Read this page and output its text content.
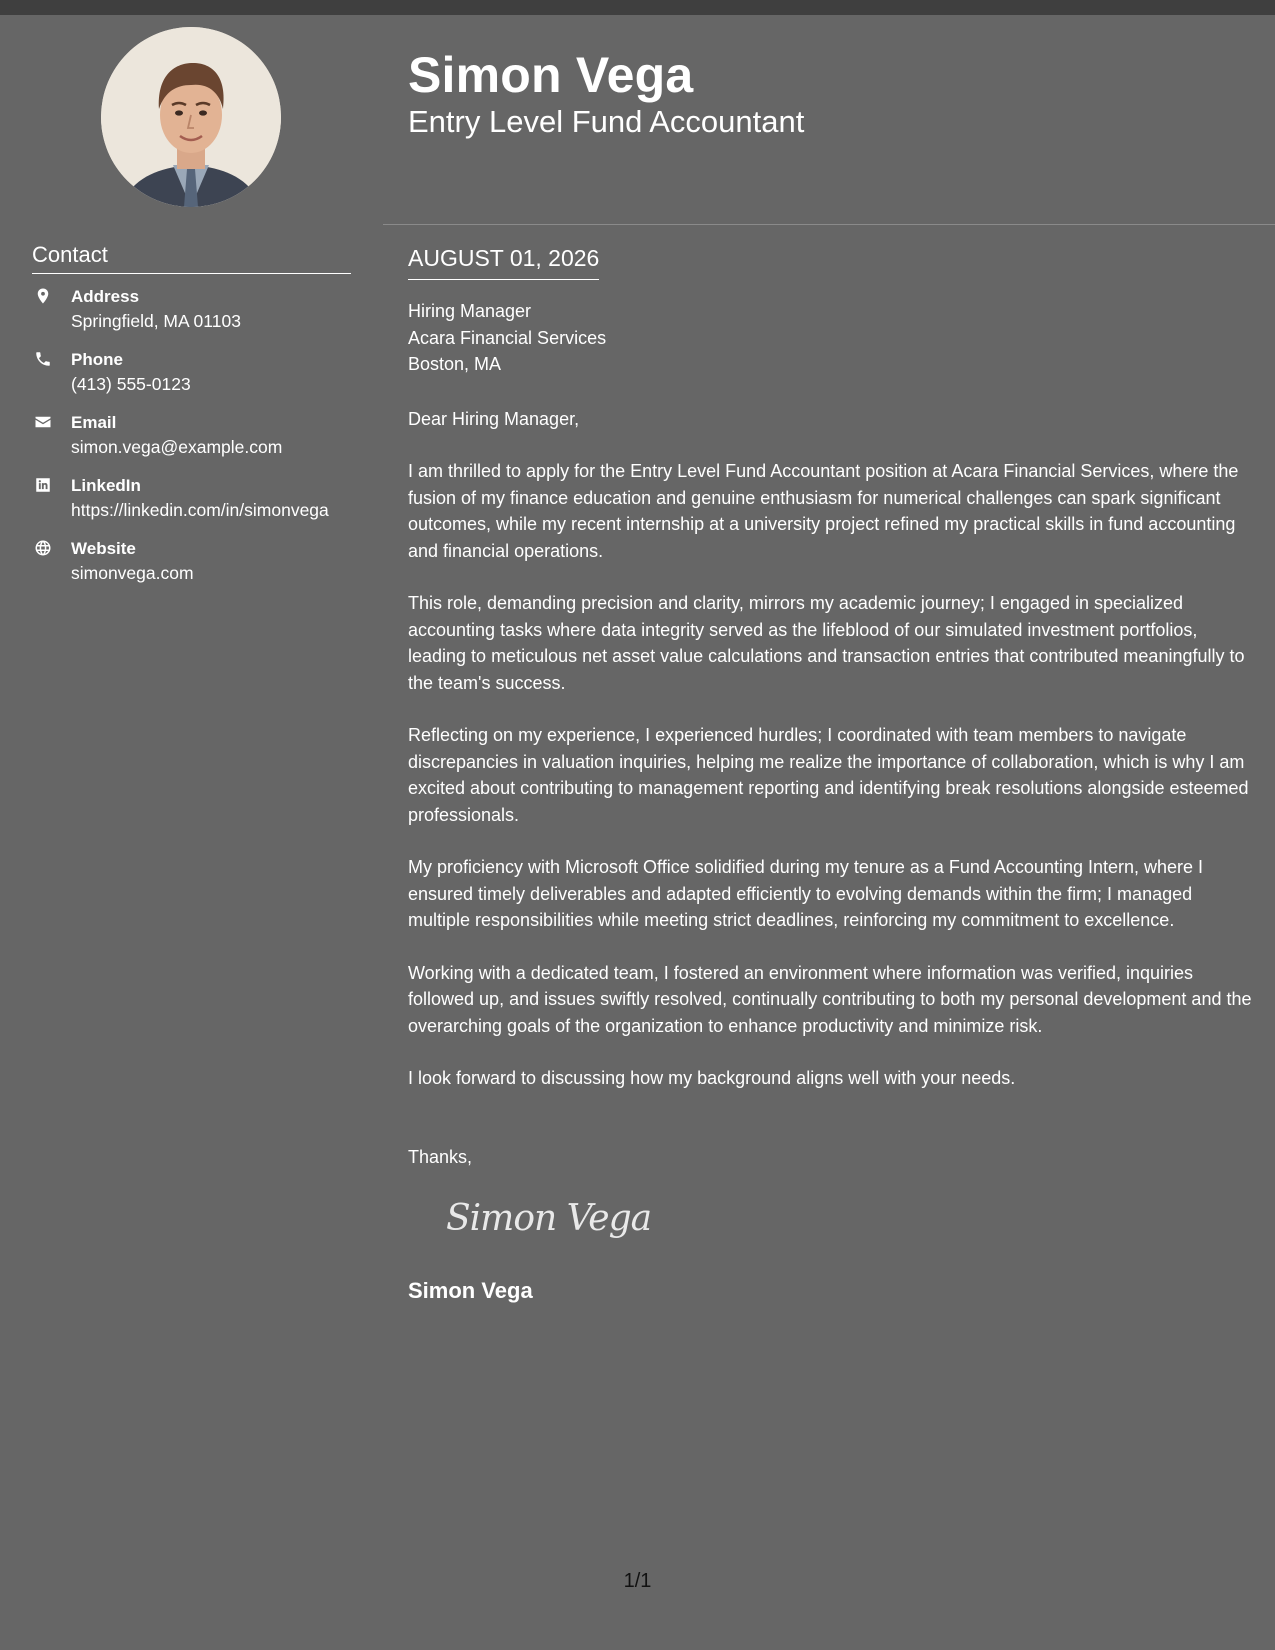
Contact
Address
Springfield, MA 01103
Phone
(413) 555-0123
Email
simon.vega@example.com
LinkedIn
https://linkedin.com/in/simonvega
Website
simonvega.com
Simon Vega
Entry Level Fund Accountant
AUGUST 01, 2026
Hiring Manager
Acara Financial Services
Boston, MA
Dear Hiring Manager,
I am thrilled to apply for the Entry Level Fund Accountant position at Acara Financial Services, where the fusion of my finance education and genuine enthusiasm for numerical challenges can spark significant outcomes, while my recent internship at a university project refined my practical skills in fund accounting and financial operations.
This role, demanding precision and clarity, mirrors my academic journey; I engaged in specialized accounting tasks where data integrity served as the lifeblood of our simulated investment portfolios, leading to meticulous net asset value calculations and transaction entries that contributed meaningfully to the team's success.
Reflecting on my experience, I experienced hurdles; I coordinated with team members to navigate discrepancies in valuation inquiries, helping me realize the importance of collaboration, which is why I am excited about contributing to management reporting and identifying break resolutions alongside esteemed professionals.
My proficiency with Microsoft Office solidified during my tenure as a Fund Accounting Intern, where I ensured timely deliverables and adapted efficiently to evolving demands within the firm; I managed multiple responsibilities while meeting strict deadlines, reinforcing my commitment to excellence.
Working with a dedicated team, I fostered an environment where information was verified, inquiries followed up, and issues swiftly resolved, continually contributing to both my personal development and the overarching goals of the organization to enhance productivity and minimize risk.
I look forward to discussing how my background aligns well with your needs.
Thanks,
Simon Vega
Simon Vega
1/1
